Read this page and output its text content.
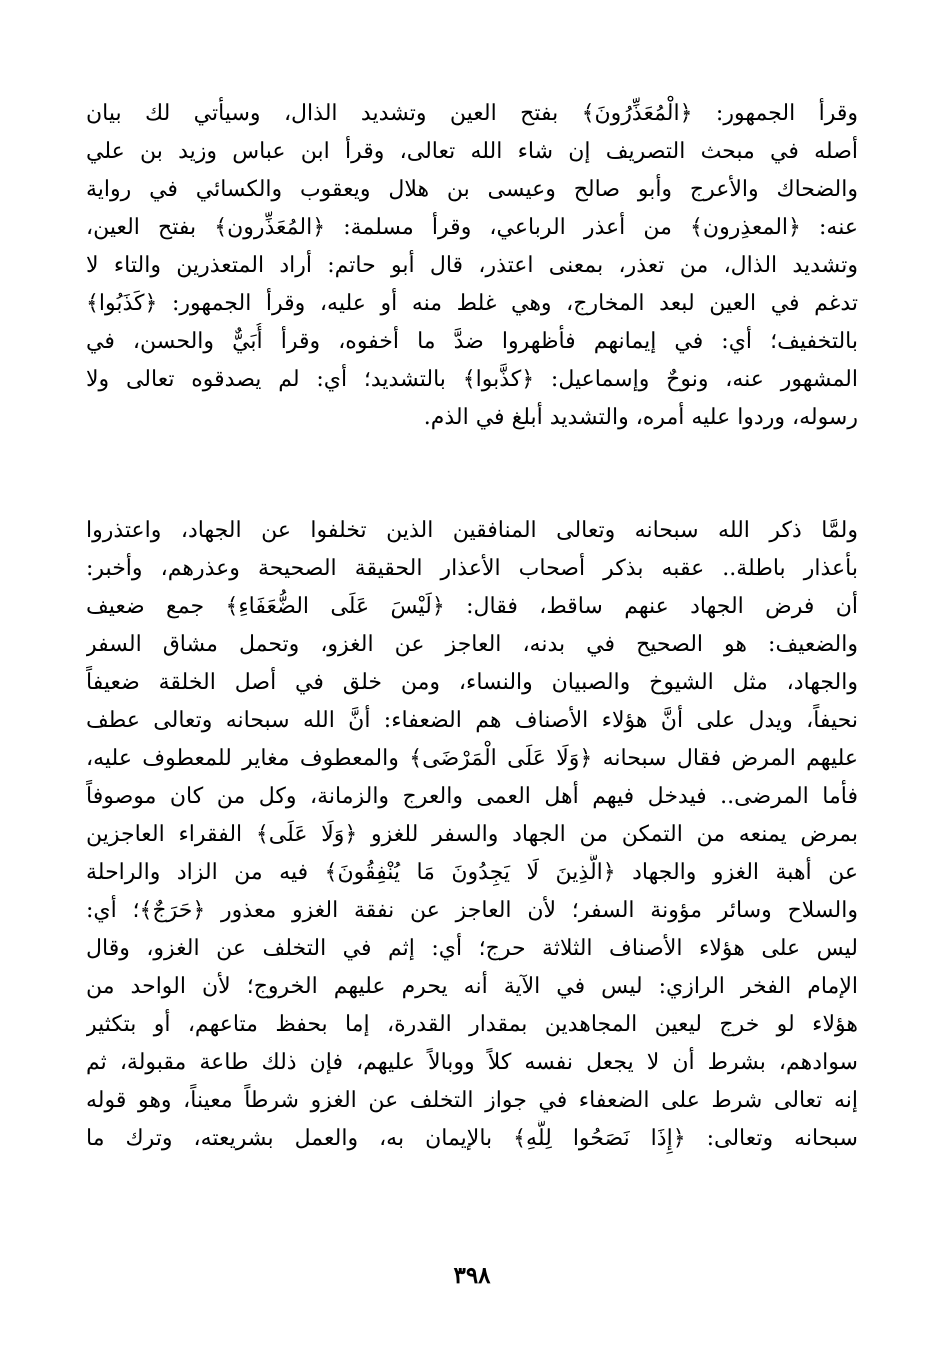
وقرأ الجمهور: ﴿الْمُعَذِّرُونَ﴾ بفتح العين وتشديد الذال، وسيأتي لك بيان
أصله في مبحث التصريف إن شاء الله تعالى، وقرأ ابن عباس وزيد بن علي
والضحاك والأعرج وأبو صالح وعيسى بن هلال ويعقوب والكسائي في رواية
عنه: ﴿المعذِرون﴾ من أعذر الرباعي، وقرأ مسلمة: ﴿المُعَذِّرون﴾ بفتح العين،
وتشديد الذال، من تعذر، بمعنى اعتذر، قال أبو حاتم: أراد المتعذرين والتاء لا
تدغم في العين لبعد المخارج، وهي غلط منه أو عليه، وقرأ الجمهور: ﴿كَذَبُوا﴾
بالتخفيف؛ أي: في إيمانهم فأظهروا ضدَّ ما أخفوه، وقرأ أُبَيٌّ والحسن، في
المشهور عنه، ونوحٌ وإسماعيل: ﴿كذَّبوا﴾ بالتشديد؛ أي: لم يصدقوه تعالى ولا
رسوله، وردوا عليه أمره، والتشديد أبلغ في الذم.
ولمَّا ذكر الله سبحانه وتعالى المنافقين الذين تخلفوا عن الجهاد، واعتذروا
بأعذار باطلة.. عقبه بذكر أصحاب الأعذار الحقيقة الصحيحة وعذرهم، وأخبر:
أن فرض الجهاد عنهم ساقط، فقال: ﴿لَيْسَ عَلَى الضُّعَفَاءِ﴾ جمع ضعيف
والضعيف: هو الصحيح في بدنه، العاجز عن الغزو، وتحمل مشاق السفر
والجهاد، مثل الشيوخ والصبيان والنساء، ومن خلق في أصل الخلقة ضعيفاً
نحيفاً، ويدل على أنَّ هؤلاء الأصناف هم الضعفاء: أنَّ الله سبحانه وتعالى عطف
عليهم المرض فقال سبحانه ﴿وَلَا عَلَى الْمَرْضَى﴾ والمعطوف مغاير للمعطوف عليه،
فأما المرضى.. فيدخل فيهم أهل العمى والعرج والزمانة، وكل من كان موصوفاً
بمرض يمنعه من التمكن من الجهاد والسفر للغزو ﴿وَلَا عَلَى﴾ الفقراء العاجزين
عن أهبة الغزو والجهاد ﴿الَّذِينَ لَا يَجِدُونَ مَا يُنْفِقُونَ﴾ فيه من الزاد والراحلة
والسلاح وسائر مؤونة السفر؛ لأن العاجز عن نفقة الغزو معذور ﴿حَرَجٌ﴾؛ أي:
ليس على هؤلاء الأصناف الثلاثة حرج؛ أي: إثم في التخلف عن الغزو، وقال
الإمام الفخر الرازي: ليس في الآية أنه يحرم عليهم الخروج؛ لأن الواحد من
هؤلاء لو خرج ليعين المجاهدين بمقدار القدرة، إما بحفظ متاعهم، أو بتكثير
سوادهم، بشرط أن لا يجعل نفسه كلاً ووبالاً عليهم، فإن ذلك طاعة مقبولة، ثم
إنه تعالى شرط على الضعفاء في جواز التخلف عن الغزو شرطاً معيناً، وهو قوله
سبحانه وتعالى: ﴿إِذَا نَصَحُوا لِلَّهِ﴾ بالإيمان به، والعمل بشريعته، وترك ما
٣٩٨
